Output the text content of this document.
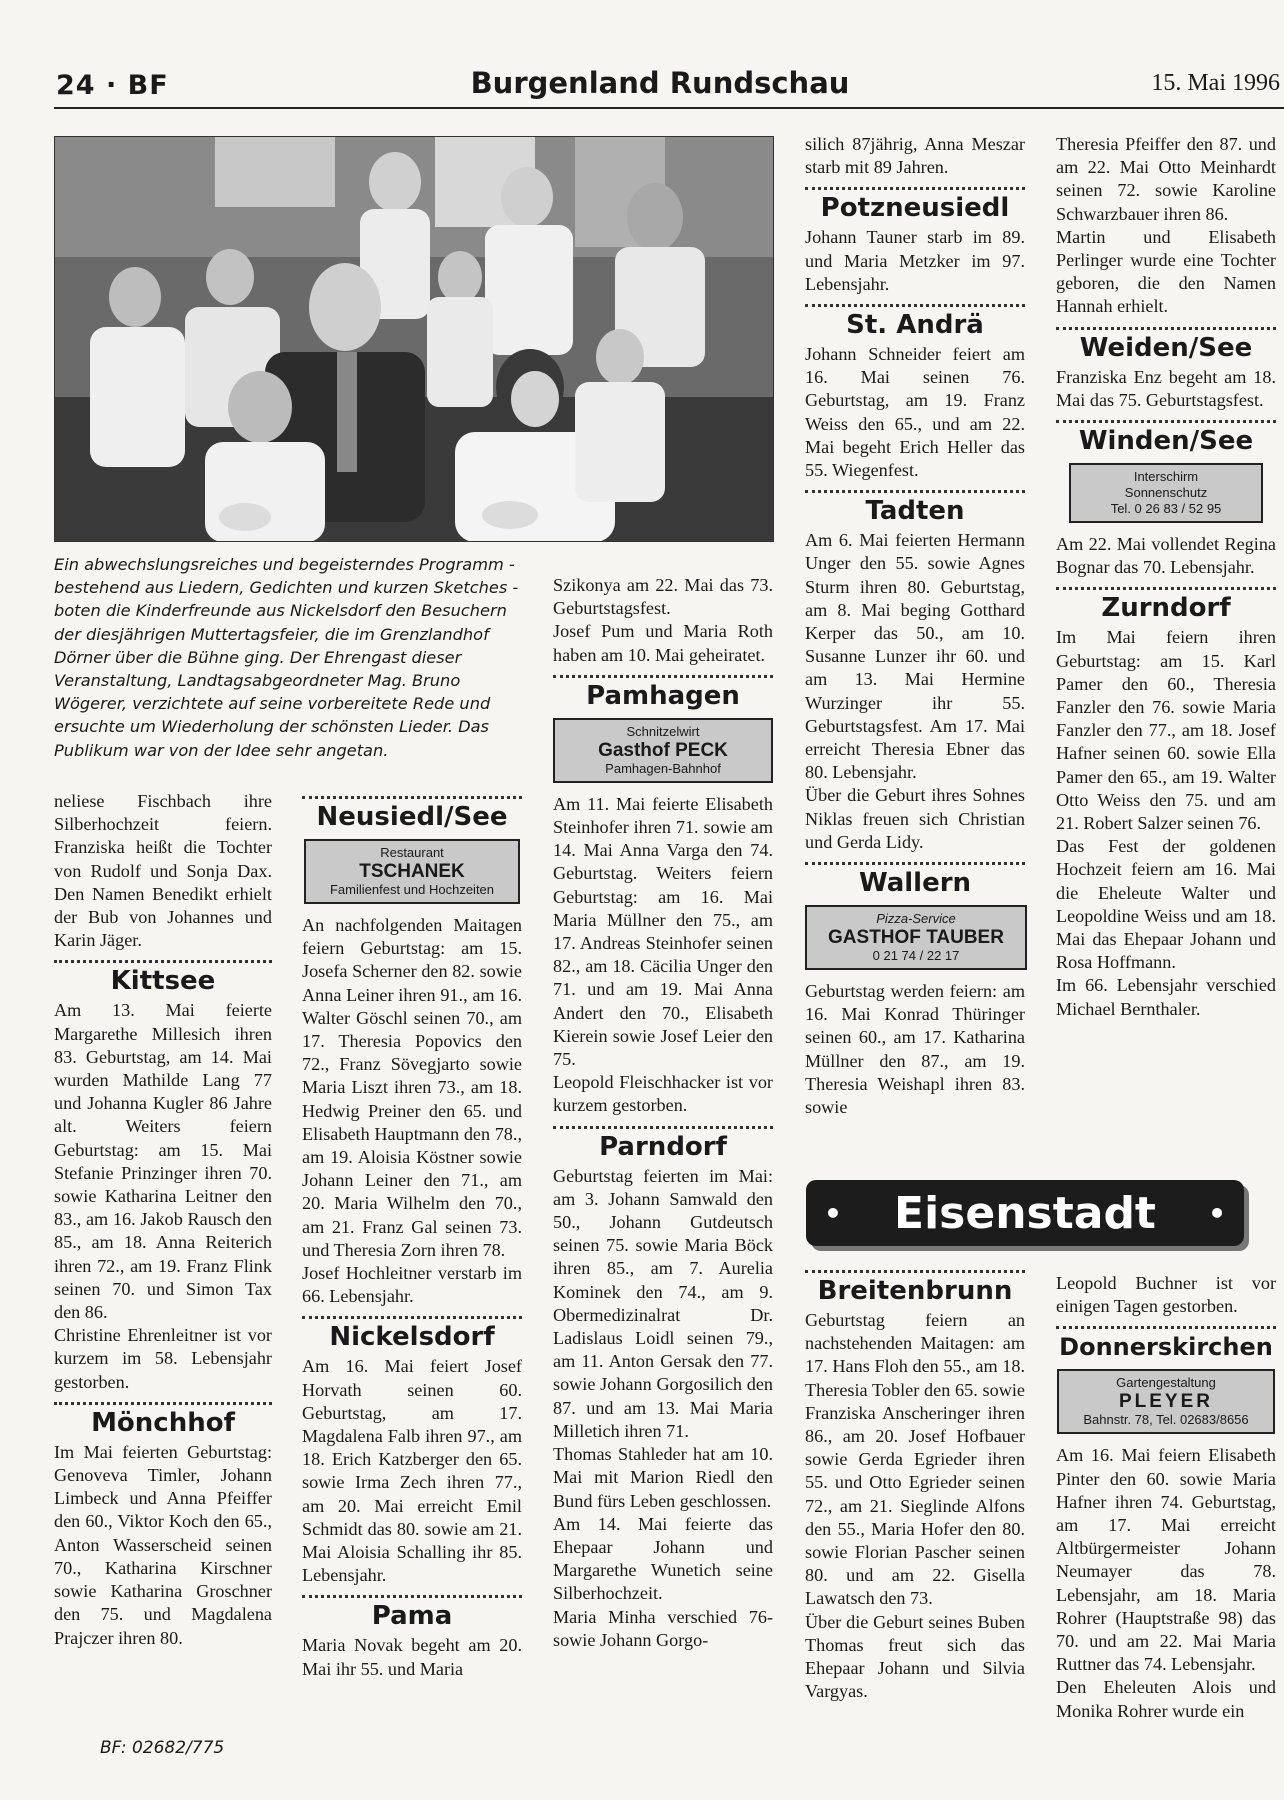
24 · BF	Burgenland Rundschau	15. Mai 1996
Ein abwechslungsreiches und begeisterndes Programm - bestehend aus Liedern, Gedichten und kurzen Sketches - boten die Kinderfreunde aus Nickelsdorf den Besuchern der diesjährigen Muttertagsfeier, die im Grenzlandhof Dörner über die Bühne ging. Der Ehrengast dieser Veranstaltung, Landtagsabgeordneter Mag. Bruno Wögerer, verzichtete auf seine vorbereitete Rede und ersuchte um Wiederholung der schönsten Lieder. Das Publikum war von der Idee sehr angetan.

neliese Fischbach ihre Silberhochzeit feiern. Franziska heißt die Tochter von Rudolf und Sonja Dax. Den Namen Benedikt erhielt der Bub von Johannes und Karin Jäger.

Kittsee

Am 13. Mai feierte Margarethe Millesich ihren 83. Geburtstag, am 14. Mai wurden Mathilde Lang 77 und Johanna Kugler 86 Jahre alt. Weiters feiern Geburtstag: am 15. Mai Stefanie Prinzinger ihren 70. sowie Katharina Leitner den 83., am 16. Jakob Rausch den 85., am 18. Anna Reiterich ihren 72., am 19. Franz Flink seinen 70. und Simon Tax den 86.

Christine Ehrenleitner ist vor kurzem im 58. Lebensjahr gestorben.

Mönchhof

Im Mai feierten Geburtstag: Genoveva Timler, Johann Limbeck und Anna Pfeiffer den 60., Viktor Koch den 65., Anton Wasserscheid seinen 70., Katharina Kirschner sowie Katharina Groschner den 75. und Magdalena Prajczer ihren 80.

Neusiedl/See
Restaurant
TSCHANEK
Familienfest und Hochzeiten

An nachfolgenden Maitagen feiern Geburtstag: am 15. Josefa Scherner den 82. sowie Anna Leiner ihren 91., am 16. Walter Göschl seinen 70., am 17. Theresia Popovics den 72., Franz Sövegjarto sowie Maria Liszt ihren 73., am 18. Hedwig Preiner den 65. und Elisabeth Hauptmann den 78., am 19. Aloisia Köstner sowie Johann Leiner den 71., am 20. Maria Wilhelm den 70., am 21. Franz Gal seinen 73. und Theresia Zorn ihren 78.

Josef Hochleitner verstarb im 66. Lebensjahr.

Nickelsdorf

Am 16. Mai feiert Josef Horvath seinen 60. Geburtstag, am 17. Magdalena Falb ihren 97., am 18. Erich Katzberger den 65. sowie Irma Zech ihren 77., am 20. Mai erreicht Emil Schmidt das 80. sowie am 21. Mai Aloisia Schalling ihr 85. Lebensjahr.

Pama

Maria Novak begeht am 20. Mai ihr 55. und Maria

Szikonya am 22. Mai das 73. Geburtstagsfest.

Josef Pum und Maria Roth haben am 10. Mai geheiratet.

Pamhagen
Schnitzelwirt
Gasthof PECK
Pamhagen-Bahnhof

Am 11. Mai feierte Elisabeth Steinhofer ihren 71. sowie am 14. Mai Anna Varga den 74. Geburtstag. Weiters feiern Geburtstag: am 16. Mai Maria Müllner den 75., am 17. Andreas Steinhofer seinen 82., am 18. Cäcilia Unger den 71. und am 19. Mai Anna Andert den 70., Elisabeth Kierein sowie Josef Leier den 75.

Leopold Fleischhacker ist vor kurzem gestorben.

Parndorf

Geburtstag feierten im Mai: am 3. Johann Samwald den 50., Johann Gutdeutsch seinen 75. sowie Maria Böck ihren 85., am 7. Aurelia Kominek den 74., am 9. Obermedizinalrat Dr. Ladislaus Loidl seinen 79., am 11. Anton Gersak den 77. sowie Johann Gorgosilich den 87. und am 13. Mai Maria Milletich ihren 71.

Thomas Stahleder hat am 10. Mai mit Marion Riedl den Bund fürs Leben geschlossen.

Am 14. Mai feierte das Ehepaar Johann und Margarethe Wunetich seine Silberhochzeit.

Maria Minha verschied 76- sowie Johann Gorgo-

silich 87jährig, Anna Meszar starb mit 89 Jahren.

Potzneusiedl

Johann Tauner starb im 89. und Maria Metzker im 97. Lebensjahr.

St. Andrä

Johann Schneider feiert am 16. Mai seinen 76. Geburtstag, am 19. Franz Weiss den 65., und am 22. Mai begeht Erich Heller das 55. Wiegenfest.

Tadten

Am 6. Mai feierten Hermann Unger den 55. sowie Agnes Sturm ihren 80. Geburtstag, am 8. Mai beging Gotthard Kerper das 50., am 10. Susanne Lunzer ihr 60. und am 13. Mai Hermine Wurzinger ihr 55. Geburtstagsfest. Am 17. Mai erreicht Theresia Ebner das 80. Lebensjahr.

Über die Geburt ihres Sohnes Niklas freuen sich Christian und Gerda Lidy.

Wallern
Pizza-Service
GASTHOF TAUBER
0 21 74 / 22 17

Geburtstag werden feiern: am 16. Mai Konrad Thüringer seinen 60., am 17. Katharina Müllner den 87., am 19. Theresia Weishapl ihren 83. sowie

Theresia Pfeiffer den 87. und am 22. Mai Otto Meinhardt seinen 72. sowie Karoline Schwarzbauer ihren 86.

Martin und Elisabeth Perlinger wurde eine Tochter geboren, die den Namen Hannah erhielt.

Weiden/See

Franziska Enz begeht am 18. Mai das 75. Geburtstagsfest.

Winden/See
Interschirm
Sonnenschutz
Tel. 0 26 83 / 52 95

Am 22. Mai vollendet Regina Bognar das 70. Lebensjahr.

Zurndorf

Im Mai feiern ihren Geburtstag: am 15. Karl Pamer den 60., Theresia Fanzler den 76. sowie Maria Fanzler den 77., am 18. Josef Hafner seinen 60. sowie Ella Pamer den 65., am 19. Walter Otto Weiss den 75. und am 21. Robert Salzer seinen 76.

Das Fest der goldenen Hochzeit feiern am 16. Mai die Eheleute Walter und Leopoldine Weiss und am 18. Mai das Ehepaar Johann und Rosa Hoffmann.

Im 66. Lebensjahr verschied Michael Bernthaler.

• Eisenstadt •
Breitenbrunn

Geburtstag feiern an nachstehenden Maitagen: am 17. Hans Floh den 55., am 18. Theresia Tobler den 65. sowie Franziska Anscheringer ihren 86., am 20. Josef Hofbauer sowie Gerda Egrieder ihren 55. und Otto Egrieder seinen 72., am 21. Sieglinde Alfons den 55., Maria Hofer den 80. sowie Florian Pascher seinen 80. und am 22. Gisella Lawatsch den 73.

Über die Geburt seines Buben Thomas freut sich das Ehepaar Johann und Silvia Vargyas.

Leopold Buchner ist vor einigen Tagen gestorben.

Donnerskirchen
Gartengestaltung
PLEYER
Bahnstr. 78, Tel. 02683/8656

Am 16. Mai feiern Elisabeth Pinter den 60. sowie Maria Hafner ihren 74. Geburtstag, am 17. Mai erreicht Altbürgermeister Johann Neumayer das 78. Lebensjahr, am 18. Maria Rohrer (Hauptstraße 98) das 70. und am 22. Mai Maria Ruttner das 74. Lebensjahr.

Den Eheleuten Alois und Monika Rohrer wurde ein

BF: 02682/775
